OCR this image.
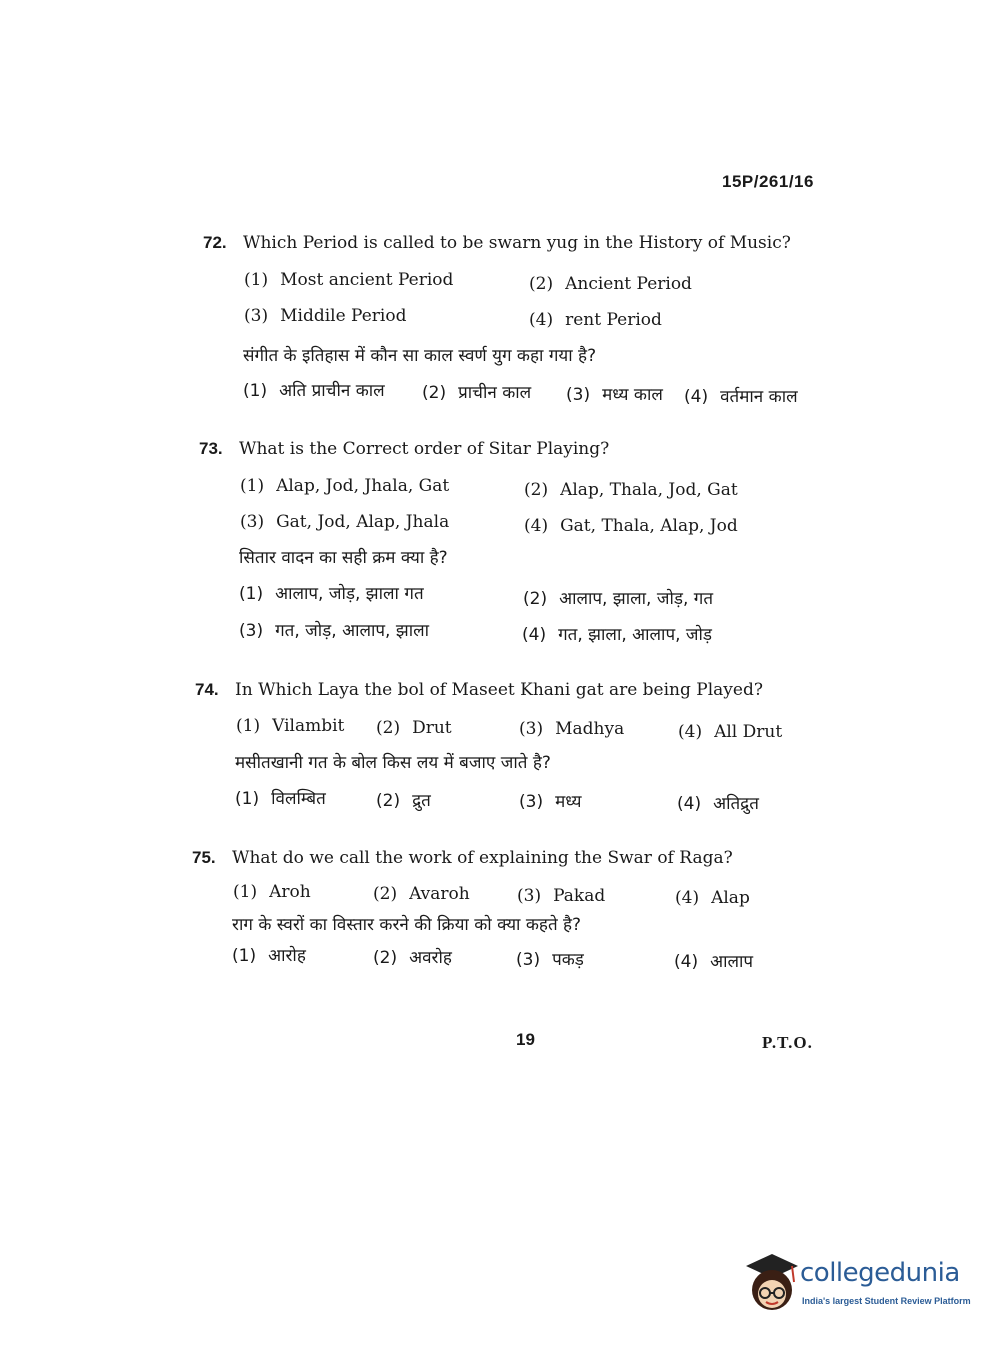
15P/261/16
72. Which Period is called to be swarn yug in the History of Music?
(1) Most ancient Period	(2) Ancient Period
(3) Middile Period	(4) rent Period
संगीत के इतिहास में कौन सा काल स्वर्ण युग कहा गया है?
(1) अति प्राचीन काल (2) प्राचीन काल (3) मध्य काल (4) वर्तमान काल
73. What is the Correct order of Sitar Playing?
(1) Alap, Jod, Jhala, Gat	(2) Alap, Thala, Jod, Gat
(3) Gat, Jod, Alap, Jhala	(4) Gat, Thala, Alap, Jod
सितार वादन का सही क्रम क्या है?
(1) आलाप, जोड़, झाला गत	(2) आलाप, झाला, जोड़, गत
(3) गत, जोड़, आलाप, झाला	(4) गत, झाला, आलाप, जोड़
74. In Which Laya the bol of Maseet Khani gat are being Played?
(1) Vilambit (2) Drut	(3) Madhya	(4) All Drut
मसीतखानी गत के बोल किस लय में बजाए जाते है?
(1) विलम्बित	(2) द्रुत	(3) मध्य	(4) अतिद्रुत
75. What do we call the work of explaining the Swar of Raga?
(1) Aroh	(2) Avaroh	(3) Pakad	(4) Alap
राग के स्वरों का विस्तार करने की क्रिया को क्या कहते है?
(1) आरोह	(2) अवरोह	(3) पकड़	(4) आलाप
19	P.T.O.
collegedunia
India's largest Student Review Platform
